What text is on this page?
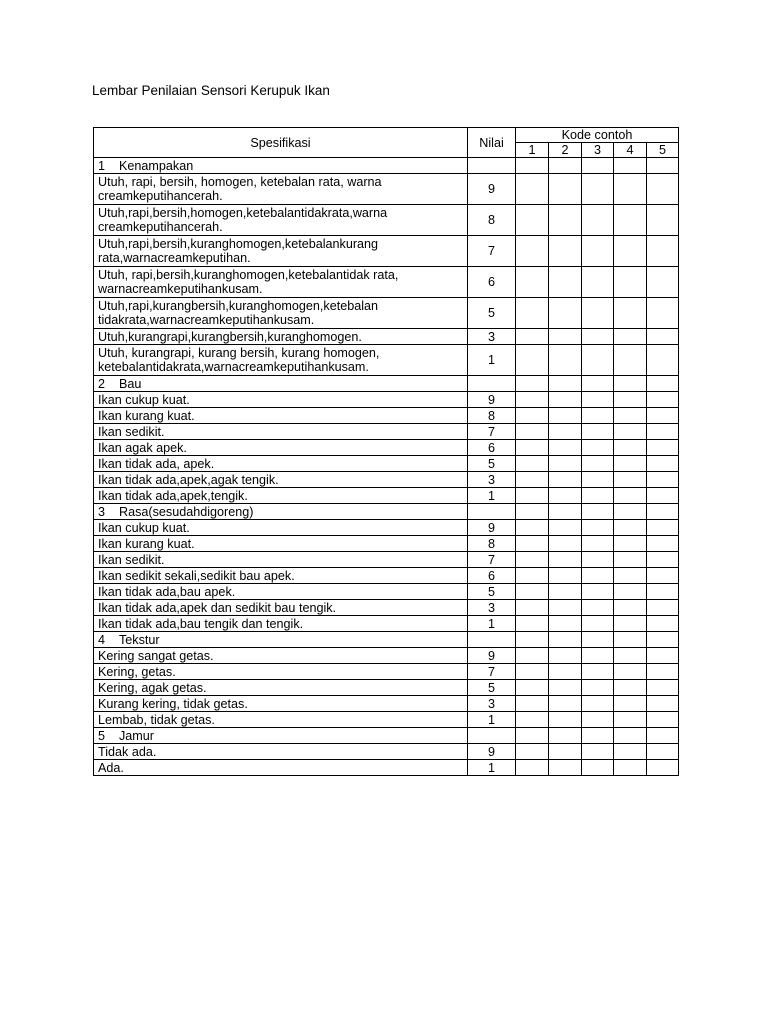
Lembar Penilaian Sensori Kerupuk Ikan
Spesifikasi	Nilai	Kode contoh				
		1	2	3	4	5
1 Kenampakan						

Utuh, rapi, bersih, homogen, ketebalan rata, warna
creamkeputihancerah.	9					

Utuh,rapi,bersih,homogen,ketebalantidakrata,warna
creamkeputihancerah.	8					

Utuh,rapi,bersih,kuranghomogen,ketebalankurang
rata,warnacreamkeputihan.	7					

Utuh, rapi,bersih,kuranghomogen,ketebalantidak rata,
warnacreamkeputihankusam.	6					

Utuh,rapi,kurangbersih,kuranghomogen,ketebalan
tidakrata,warnacreamkeputihankusam.	5					

Utuh,kurangrapi,kurangbersih,kuranghomogen.	3					

Utuh, kurangrapi, kurang bersih, kurang homogen,
ketebalantidakrata,warnacreamkeputihankusam.	1					
2 Bau						

Ikan cukup kuat.	9					

Ikan kurang kuat.	8					

Ikan sedikit.	7					

Ikan agak apek.	6					

Ikan tidak ada, apek.	5					

Ikan tidak ada,apek,agak tengik.	3					

Ikan tidak ada,apek,tengik.	1					
3 Rasa(sesudahdigoreng)						

Ikan cukup kuat.	9					

Ikan kurang kuat.	8					

Ikan sedikit.	7					

Ikan sedikit sekali,sedikit bau apek.	6					

Ikan tidak ada,bau apek.	5					

Ikan tidak ada,apek dan sedikit bau tengik.	3					

Ikan tidak ada,bau tengik dan tengik.	1					
4 Tekstur						

Kering sangat getas.	9					

Kering, getas.	7					

Kering, agak getas.	5					

Kurang kering, tidak getas.	3					

Lembab, tidak getas.	1					
5 Jamur						

Tidak ada.	9					

Ada.	1					
